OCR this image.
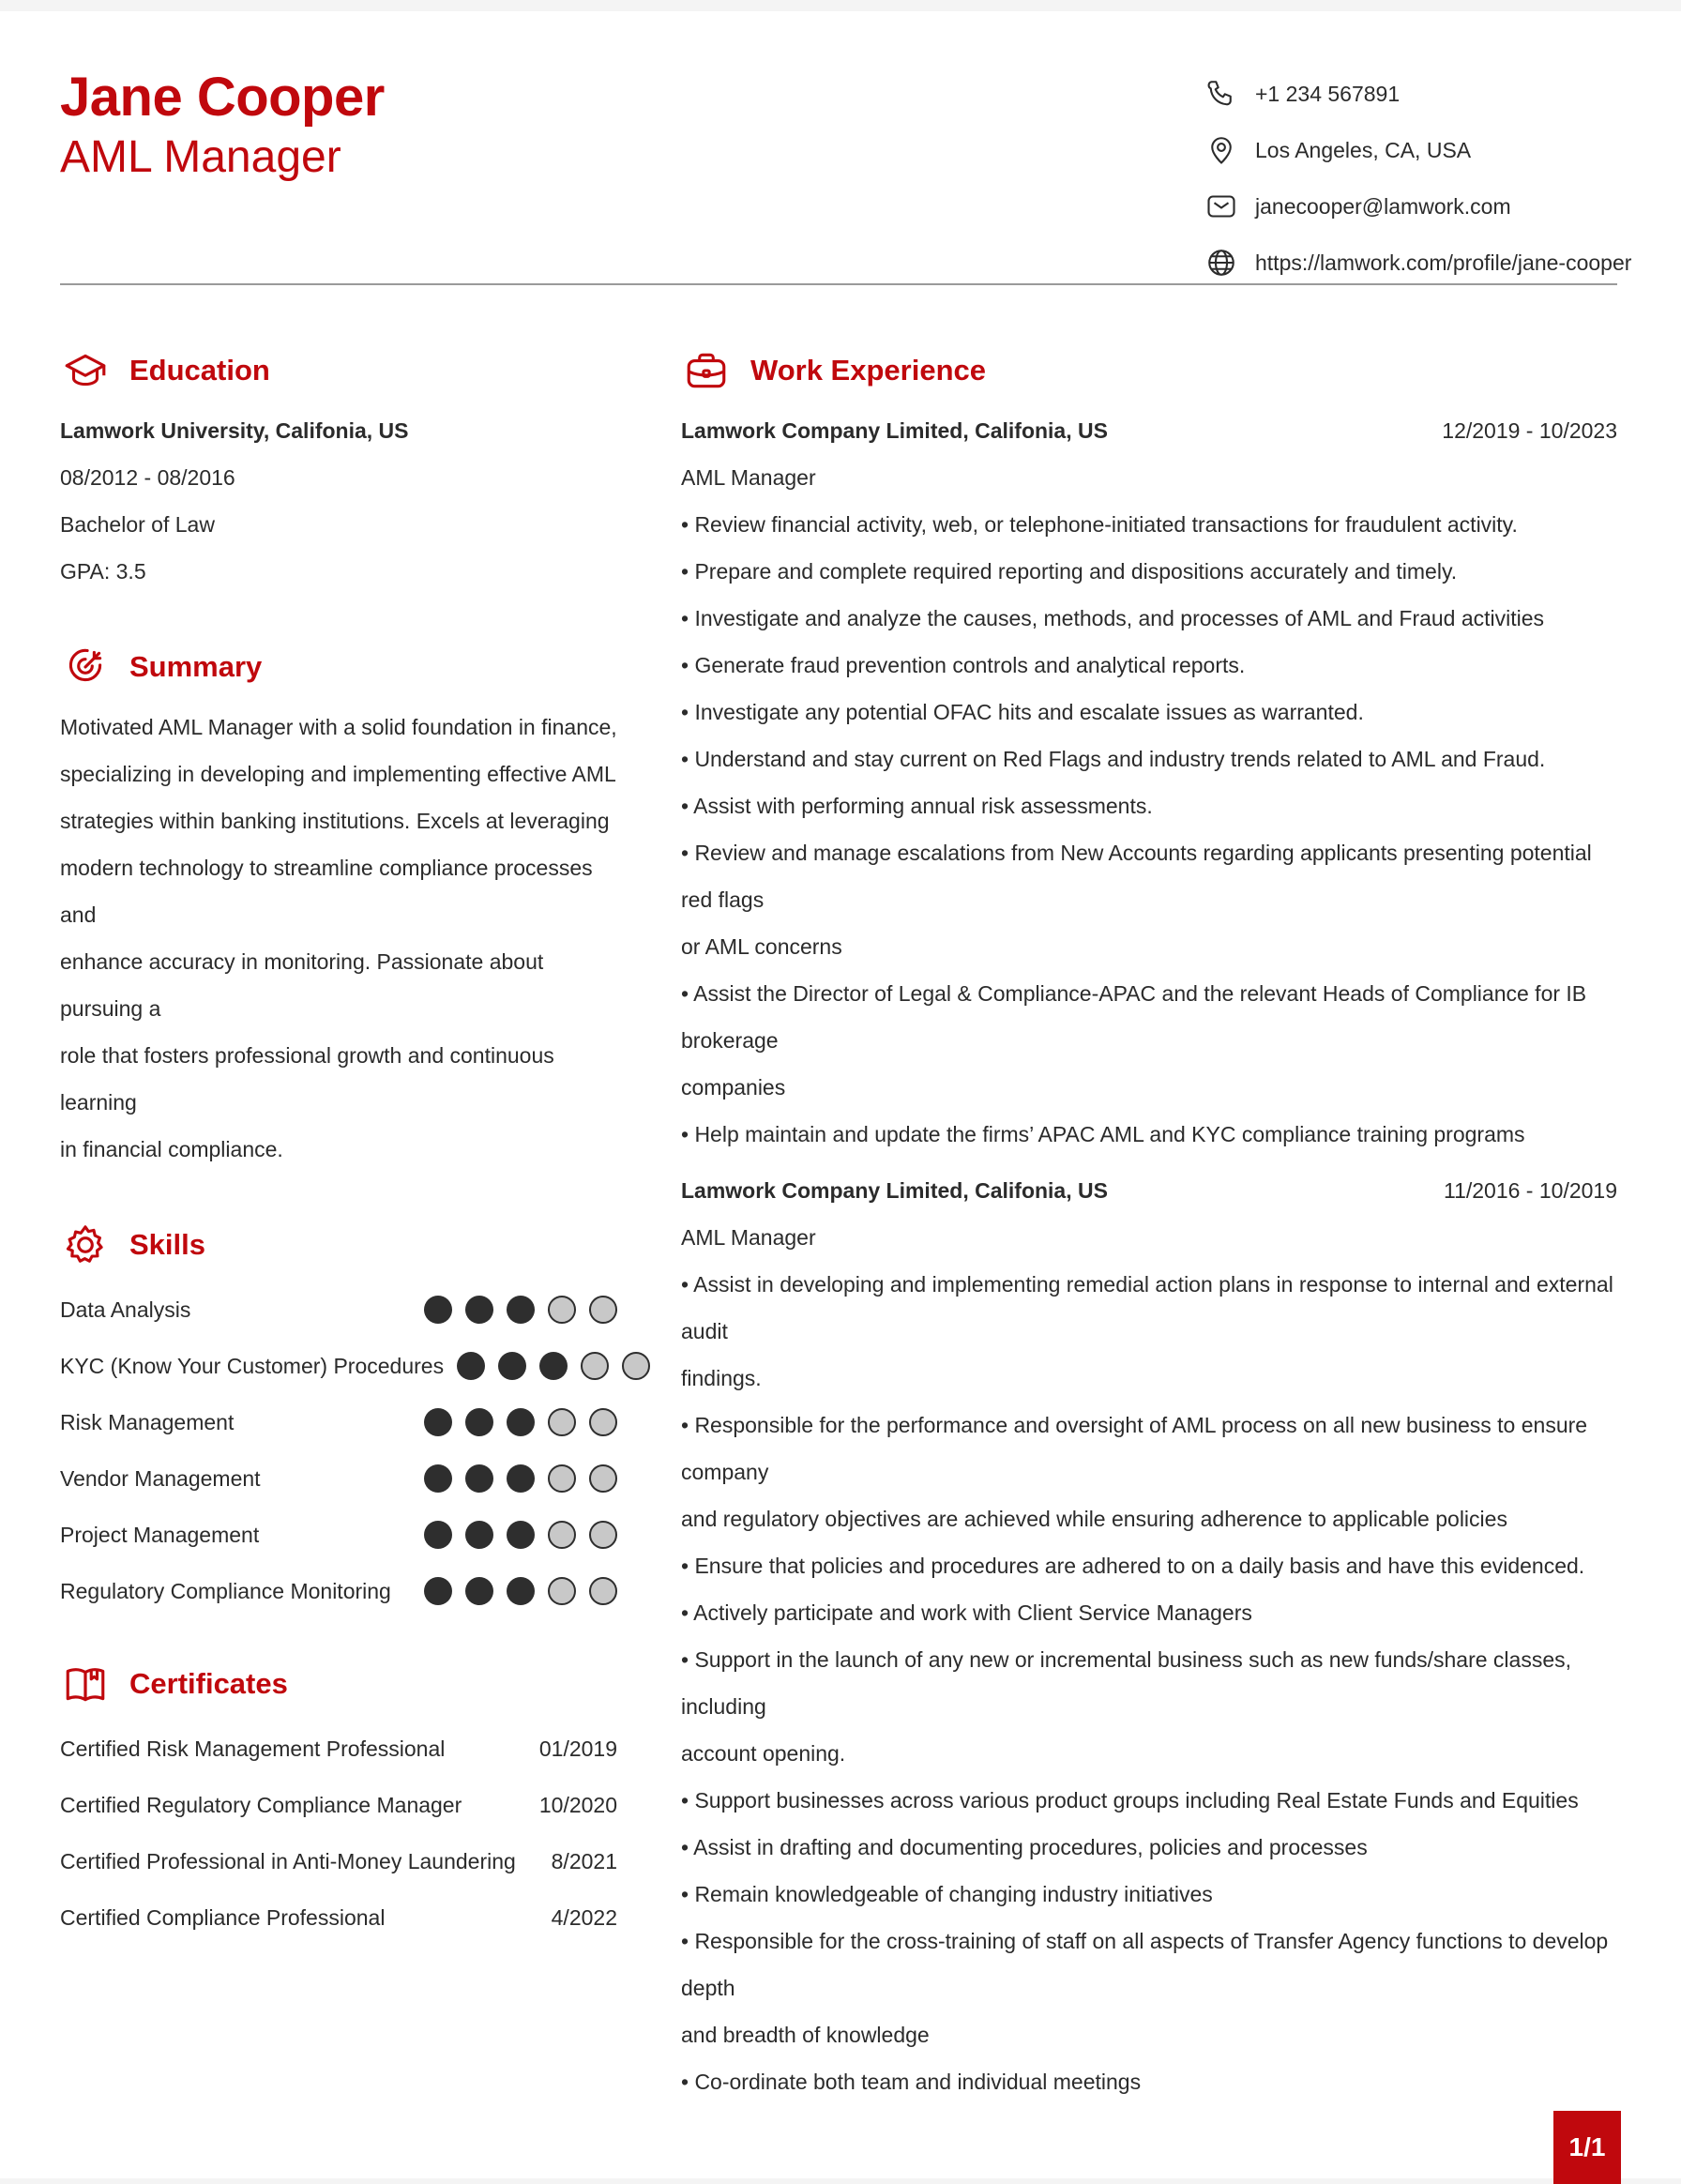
Jane Cooper
AML Manager
+1 234 567891
Los Angeles, CA, USA
janecooper@lamwork.com
https://lamwork.com/profile/jane-cooper
Education
Lamwork University, Califonia, US
08/2012 - 08/2016
Bachelor of Law
GPA: 3.5
Summary
Motivated AML Manager with a solid foundation in finance,
specializing in developing and implementing effective AML
strategies within banking institutions. Excels at leveraging
modern technology to streamline compliance processes and
enhance accuracy in monitoring. Passionate about pursuing a
role that fosters professional growth and continuous learning
in financial compliance.
Skills
Data Analysis
KYC (Know Your Customer) Procedures
Risk Management
Vendor Management
Project Management
Regulatory Compliance Monitoring
Certificates
Certified Risk Management Professional	01/2019
Certified Regulatory Compliance Manager	10/2020
Certified Professional in Anti-Money Laundering 8/2021
Certified Compliance Professional	4/2022
Work Experience
Lamwork Company Limited, Califonia, US	12/2019 - 10/2023
AML Manager
• Review financial activity, web, or telephone-initiated transactions for fraudulent activity.
• Prepare and complete required reporting and dispositions accurately and timely.
• Investigate and analyze the causes, methods, and processes of AML and Fraud activities
• Generate fraud prevention controls and analytical reports.
• Investigate any potential OFAC hits and escalate issues as warranted.
• Understand and stay current on Red Flags and industry trends related to AML and Fraud.
• Assist with performing annual risk assessments.
• Review and manage escalations from New Accounts regarding applicants presenting potential red flags
or AML concerns
• Assist the Director of Legal & Compliance-APAC and the relevant Heads of Compliance for IB brokerage
companies
• Help maintain and update the firms’ APAC AML and KYC compliance training programs
Lamwork Company Limited, Califonia, US	11/2016 - 10/2019
AML Manager
• Assist in developing and implementing remedial action plans in response to internal and external audit
findings.
• Responsible for the performance and oversight of AML process on all new business to ensure company
and regulatory objectives are achieved while ensuring adherence to applicable policies
• Ensure that policies and procedures are adhered to on a daily basis and have this evidenced.
• Actively participate and work with Client Service Managers
• Support in the launch of any new or incremental business such as new funds/share classes, including
account opening.
• Support businesses across various product groups including Real Estate Funds and Equities
• Assist in drafting and documenting procedures, policies and processes
• Remain knowledgeable of changing industry initiatives
• Responsible for the cross-training of staff on all aspects of Transfer Agency functions to develop depth
and breadth of knowledge
• Co-ordinate both team and individual meetings
1/1
